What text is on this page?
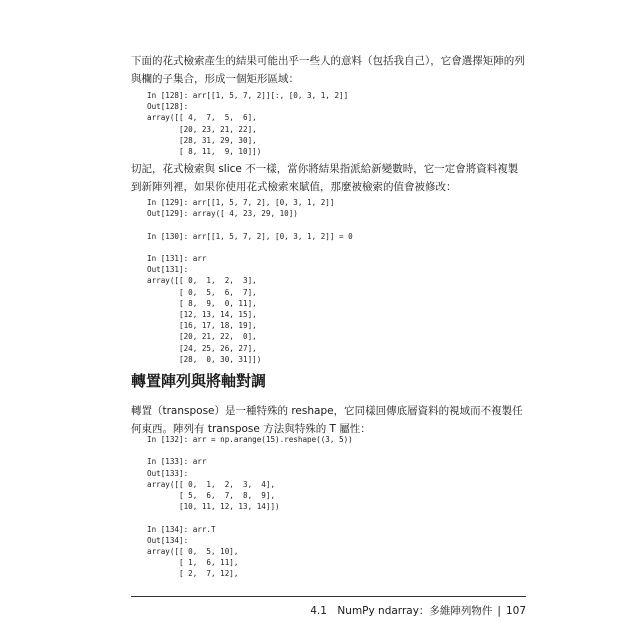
下面的花式檢索產生的結果可能出乎一些人的意料（包括我自己），它會選擇矩陣的列與欄的子集合，形成一個矩形區域：
In [128]: arr[[1, 5, 7, 2]][:, [0, 3, 1, 2]]
Out[128]:
array([[ 4,  7,  5,  6],
[20, 23, 21, 22],
[28, 31, 29, 30],
[ 8, 11,  9, 10]])
切記，花式檢索與 slice 不一樣，當你將結果指派給新變數時，它一定會將資料複製到新陣列裡，如果你使用花式檢索來賦值，那麼被檢索的值會被修改：
In [129]: arr[[1, 5, 7, 2], [0, 3, 1, 2]]
Out[129]: array([ 4, 23, 29, 10])

In [130]: arr[[1, 5, 7, 2], [0, 3, 1, 2]] = 0

In [131]: arr
Out[131]:
array([[ 0,  1,  2,  3],
[ 0,  5,  6,  7],
[ 8,  9,  0, 11],
[12, 13, 14, 15],
[16, 17, 18, 19],
[20, 21, 22,  0],
[24, 25, 26, 27],
[28,  0, 30, 31]])
轉置陣列與將軸對調
轉置（transpose）是一種特殊的 reshape，它同樣回傳底層資料的視域而不複製任何東西。陣列有 transpose 方法與特殊的 T 屬性：
In [132]: arr = np.arange(15).reshape((3, 5))

In [133]: arr
Out[133]:
array([[ 0,  1,  2,  3,  4],
[ 5,  6,  7,  8,  9],
[10, 11, 12, 13, 14]])

In [134]: arr.T
Out[134]:
array([[ 0,  5, 10],
[ 1,  6, 11],
[ 2,  7, 12],
4.1　NumPy ndarray：多維陣列物件 | 107
